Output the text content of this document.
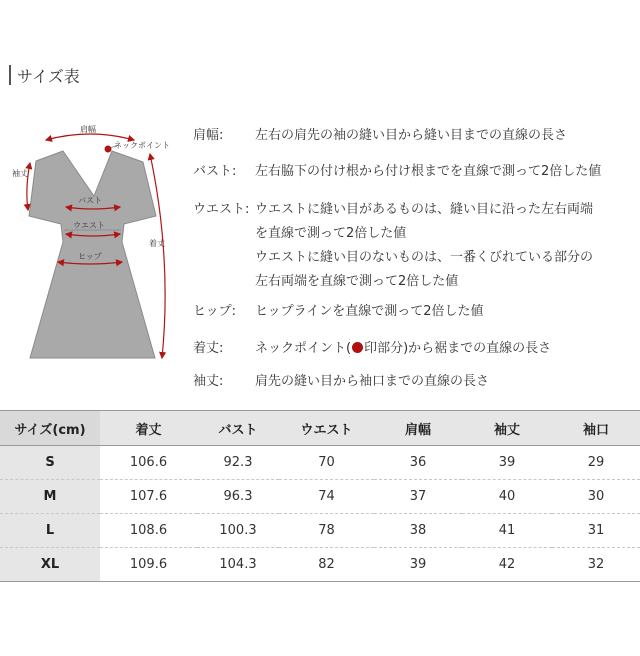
サイズ表
肩幅
ネックポイント
袖丈
着丈
バスト
ウエスト
ヒップ
肩幅:	左右の肩先の袖の縫い目から縫い目までの直線の長さ
バスト:	左右脇下の付け根から付け根までを直線で測って2倍した値
ウエスト: ウエストに縫い目があるものは、縫い目に沿った左右両端
を直線で測って2倍した値
ウエストに縫い目のないものは、一番くびれている部分の
左右両端を直線で測って2倍した値
ヒップ:	ヒップラインを直線で測って2倍した値
着丈:	ネックポイント( 印部分)から裾までの直線の長さ
袖丈:	肩先の縫い目から袖口までの直線の長さ
サイズ(cm)	着丈	バスト	ウエスト	肩幅	袖丈	袖口
S	106.6	92.3	70	36	39	29
M	107.6	96.3	74	37	40	30
L	108.6	100.3	78	38	41	31
XL	109.6	104.3	82	39	42	32
